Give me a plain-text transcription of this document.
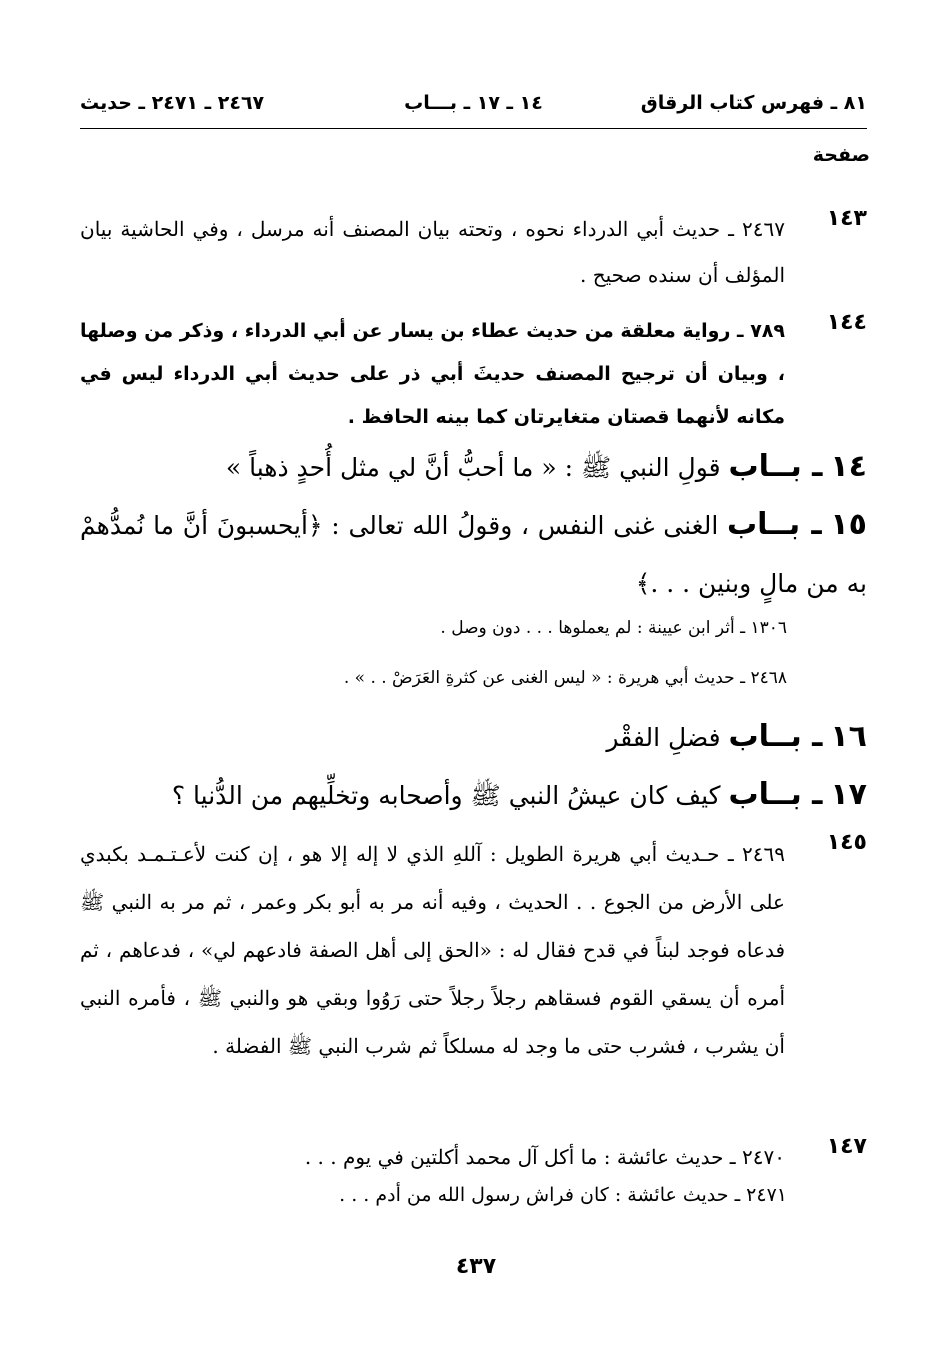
٨١ ـ فهرس كتاب الرقاق
١٤ ـ ١٧ ـ بـــاب
٢٤٦٧ ـ ٢٤٧١ ـ حديث
صفحة
١٤٣
٢٤٦٧ ـ حديث أبي الدرداء نحوه ، وتحته بيان المصنف أنه مرسل ، وفي الحاشية بيان المؤلف أن سنده صحيح .
١٤٤
٧٨٩ ـ رواية معلقة من حديث عطاء بن يسار عن أبي الدرداء ، وذكر من وصلها ، وبيان أن ترجيح المصنف حديثَ أبي ذر على حديث أبي الدرداء ليس في مكانه لأنهما قصتان متغايرتان كما بينه الحافظ .
١٤ ـ بــاب قولِ النبي ﷺ : « ما أحبُّ أنَّ لي مثل أُحدٍ ذهباً »
١٥ ـ بــاب الغنى غنى النفس ، وقولُ الله تعالى : ﴿أيحسبونَ أنَّ ما نُمدُّهمْ به من مالٍ وبنين . . .﴾
١٣٠٦ ـ أثر ابن عيينة : لم يعملوها . . . دون وصل .
٢٤٦٨ ـ حديث أبي هريرة : « ليس الغنى عن كثرةِ العَرَضْ . . » .
١٦ ـ بــاب فضلِ الفقْر
١٧ ـ بــاب كيف كان عيشُ النبي ﷺ وأصحابه وتخلِّيهم من الدُّنيا ؟
١٤٥
٢٤٦٩ ـ حـديث أبي هريرة الطويل : آللهِ الذي لا إله إلا هو ، إن كنت لأعـتـمـد بكبدي على الأرض من الجوع . . الحديث ، وفيه أنه مر به أبو بكر وعمر ، ثم مر به النبي ﷺ فدعاه فوجد لبناً في قدح فقال له : «الحق إلى أهل الصفة فادعهم لي» ، فدعاهم ، ثم أمره أن يسقي القوم فسقاهم رجلاً رجلاً حتى رَوُوا وبقي هو والنبي ﷺ ، فأمره النبي أن يشرب ، فشرب حتى ما وجد له مسلكاً ثم شرب النبي ﷺ الفضلة .
١٤٧
٢٤٧٠ ـ حديث عائشة : ما أكل آل محمد أكلتين في يوم . . .
٢٤٧١ ـ حديث عائشة : كان فراش رسول الله من أدم . . .
٤٣٧
